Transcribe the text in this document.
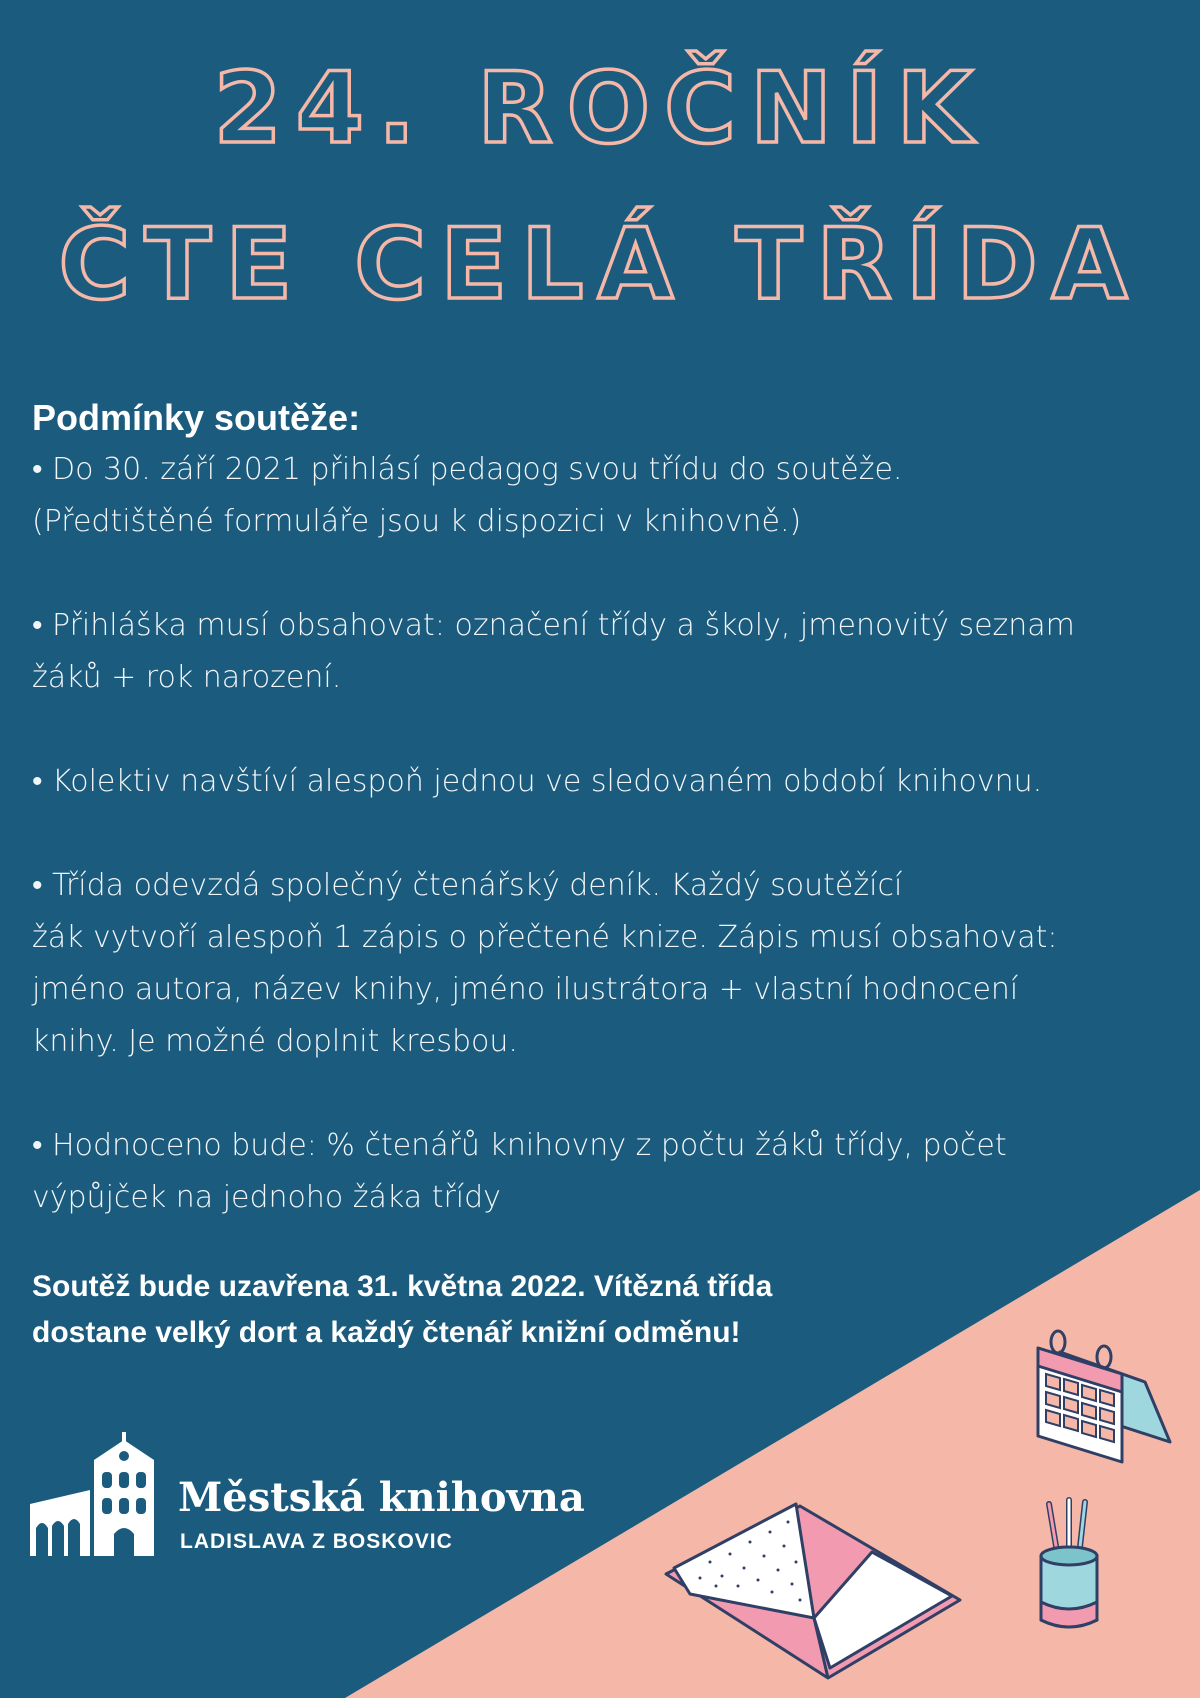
24. ROČNÍK
ČTE CELÁ TŘÍDA

Podmínky soutěže:

• Do 30. září 2021 přihlásí pedagog svou třídu do soutěže.
(Předtištěné formuláře jsou k dispozici v knihovně.)

• Přihláška musí obsahovat: označení třídy a školy, jmenovitý seznam
žáků + rok narození.

• Kolektiv navštíví alespoň jednou ve sledovaném období knihovnu.

• Třída odevzdá společný čtenářský deník. Každý soutěžící
žák vytvoří alespoň 1 zápis o přečtené knize. Zápis musí obsahovat:
jméno autora, název knihy, jméno ilustrátora + vlastní hodnocení
knihy. Je možné doplnit kresbou.

• Hodnoceno bude: % čtenářů knihovny z počtu žáků třídy, počet
výpůjček na jednoho žáka třídy

Soutěž bude uzavřena 31. května 2022. Vítězná třída
dostane velký dort a každý čtenář knižní odměnu!

Městská knihovna
LADISLAVA Z BOSKOVIC
